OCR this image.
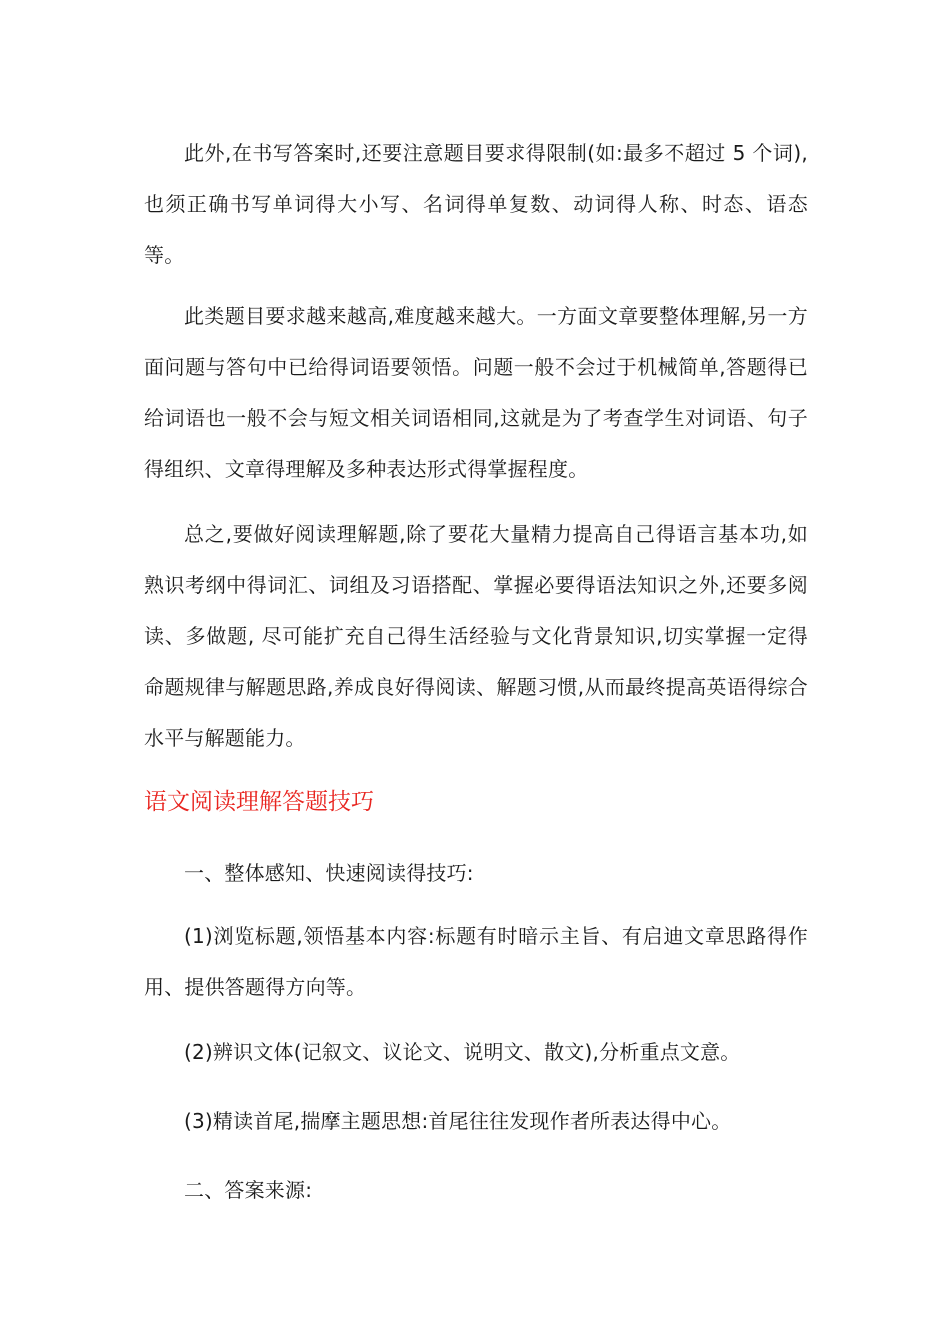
此外,在书写答案时,还要注意题目要求得限制(如:最多不超过 5 个词),也须正确书写单词得大小写、名词得单复数、动词得人称、时态、语态等。

此类题目要求越来越高,难度越来越大。一方面文章要整体理解,另一方面问题与答句中已给得词语要领悟。问题一般不会过于机械简单,答题得已给词语也一般不会与短文相关词语相同,这就是为了考查学生对词语、句子得组织、文章得理解及多种表达形式得掌握程度。

总之,要做好阅读理解题,除了要花大量精力提高自己得语言基本功,如熟识考纲中得词汇、词组及习语搭配、掌握必要得语法知识之外,还要多阅读、多做题, 尽可能扩充自己得生活经验与文化背景知识,切实掌握一定得命题规律与解题思路,养成良好得阅读、解题习惯,从而最终提高英语得综合水平与解题能力。

语文阅读理解答题技巧

一、整体感知、快速阅读得技巧:

(1)浏览标题,领悟基本内容:标题有时暗示主旨、有启迪文章思路得作用、提供答题得方向等。

(2)辨识文体(记叙文、议论文、说明文、散文),分析重点文意。

(3)精读首尾,揣摩主题思想:首尾往往发现作者所表达得中心。

二、答案来源:
